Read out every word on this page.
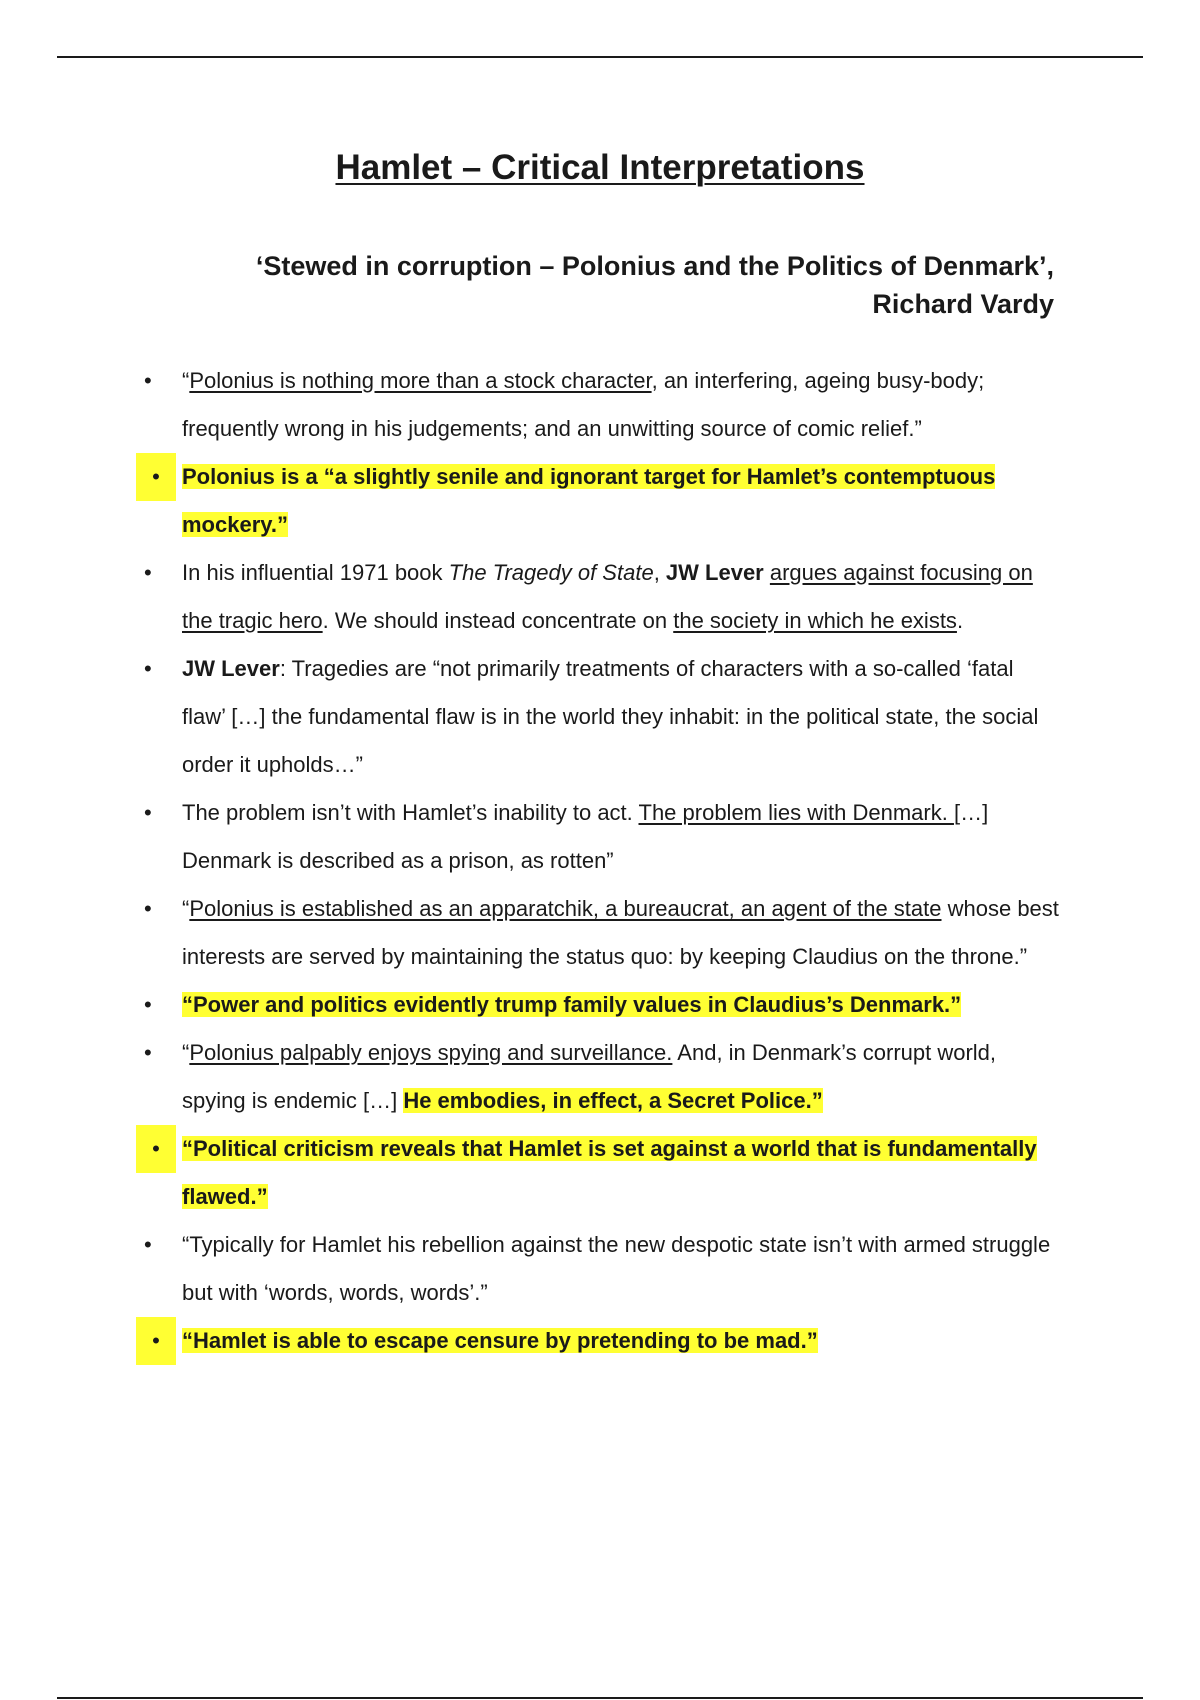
Hamlet – Critical Interpretations
‘Stewed in corruption – Polonius and the Politics of Denmark’,
Richard Vardy
•	“Polonius is nothing more than a stock character, an interfering, ageing busy-body; frequently wrong in his judgements; and an unwitting source of comic relief.”
•	Polonius is a “a slightly senile and ignorant target for Hamlet’s contemptuous mockery.”
•	In his influential 1971 book The Tragedy of State, JW Lever argues against focusing on the tragic hero. We should instead concentrate on the society in which he exists.
•	JW Lever: Tragedies are “not primarily treatments of characters with a so-called ‘fatal flaw’ […] the fundamental flaw is in the world they inhabit: in the political state, the social order it upholds…”
•	The problem isn’t with Hamlet’s inability to act. The problem lies with Denmark. […] Denmark is described as a prison, as rotten”
•	“Polonius is established as an apparatchik, a bureaucrat, an agent of the state whose best interests are served by maintaining the status quo: by keeping Claudius on the throne.”
•	“Power and politics evidently trump family values in Claudius’s Denmark.”
•	“Polonius palpably enjoys spying and surveillance. And, in Denmark’s corrupt world, spying is endemic […] He embodies, in effect, a Secret Police.”
•	“Political criticism reveals that Hamlet is set against a world that is fundamentally flawed.”
•	“Typically for Hamlet his rebellion against the new despotic state isn’t with armed struggle but with ‘words, words, words’.”
•	“Hamlet is able to escape censure by pretending to be mad.”
